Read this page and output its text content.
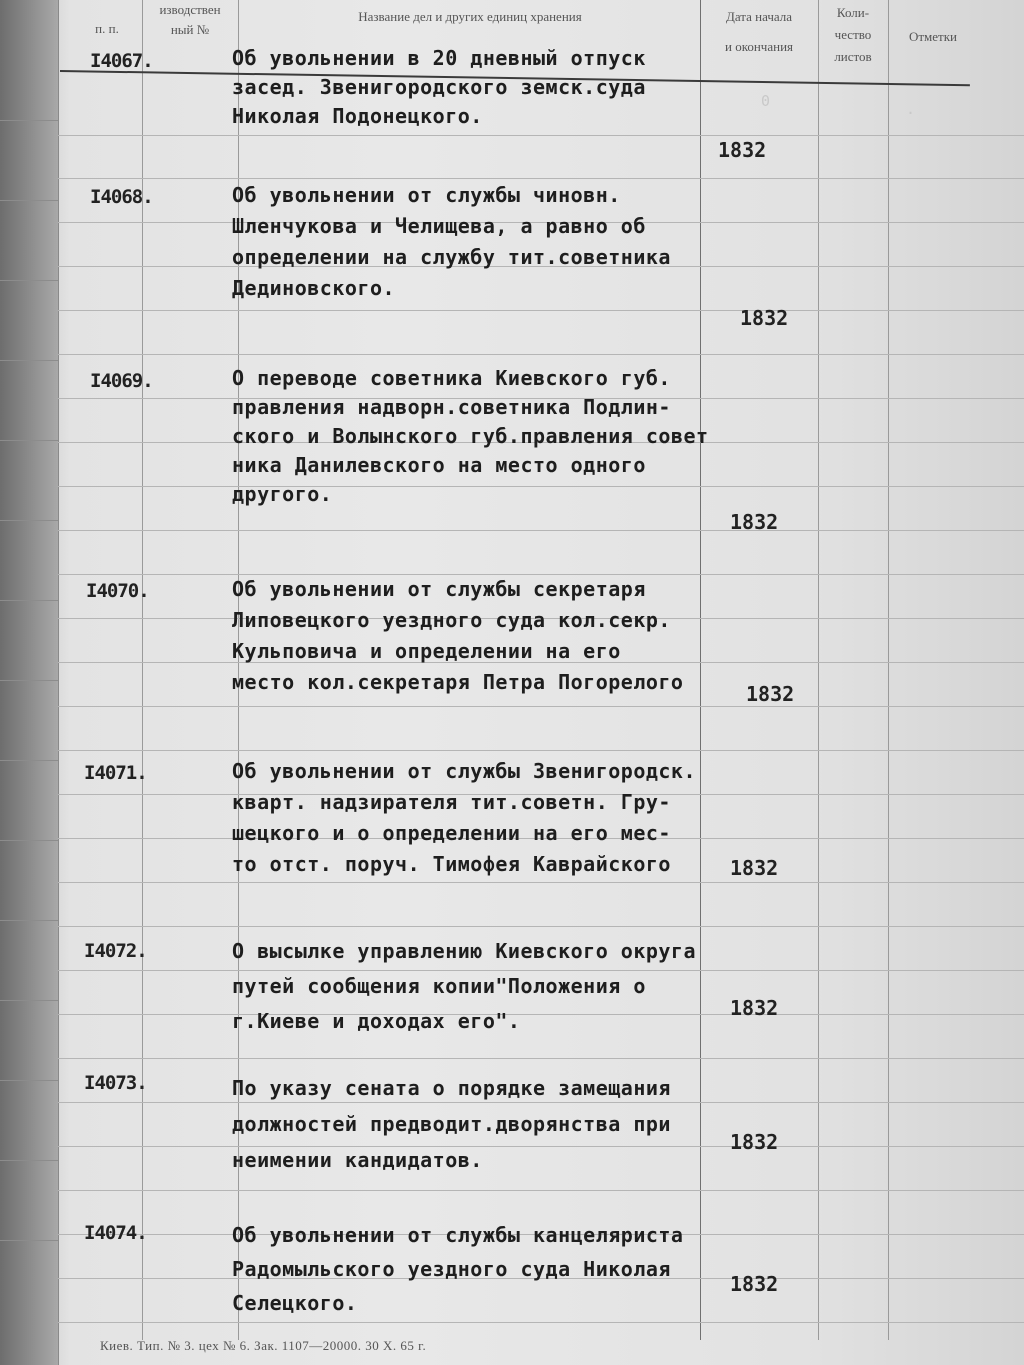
0	.
п. п.
изводствен
ный №
Название дел и других единиц хранения	Дата начала
и окончания
Коли-
чество
листов
Отметки
I4067.	Об увольнении в 20 дневный отпуск
засед. Звенигородского земск.суда
Николая Подонецкого.
1832
I4068.	Об увольнении от службы чиновн.
Шленчукова и Челищева, а равно об
определении на службу тит.советника
Дединовского.
1832
I4069.	О переводе советника Киевского губ.
правления надворн.советника Подлин-
ского и Волынского губ.правления совет
ника Данилевского на место одного
другого.
1832
I4070.	Об увольнении от службы секретаря
Липовецкого уездного суда кол.секр.
Кульповича и определении на его
место кол.секретаря Петра Погорелого	1832
I4071.	Об увольнении от службы Звенигородск.
кварт. надзирателя тит.советн. Гру-
шецкого и о определении на его мес-
то отст. поруч. Тимофея Каврайского	1832
I4072.	О высылке управлению Киевского округа
путей сообщения копии"Положения о
г.Киеве и доходах его".
1832
I4073.	По указу сената о порядке замещания
должностей предводит.дворянства при
неимении кандидатов.
1832
I4074.	Об увольнении от службы канцеляриста
Радомыльского уездного суда Николая
Селецкого.
1832
Киев. Тип. № 3. цех № 6. Зак. 1107—20000. 30 X. 65 г.
